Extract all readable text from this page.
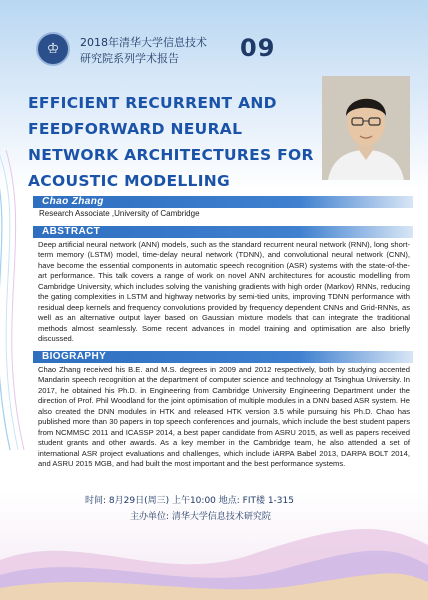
♔	2018年清华大学信息技术
研究院系列学术报告	09
EFFICIENT RECURRENT AND FEEDFORWARD NEURAL NETWORK ARCHITECTURES FOR ACOUSTIC MODELLING
Chao Zhang
Research Associate ,University of Cambridge
ABSTRACT
Deep artificial neural network (ANN) models, such as the standard recurrent neural network (RNN), long short-term memory (LSTM) model, time-delay neural network (TDNN), and convolutional neural network (CNN), have become the essential components in automatic speech recognition (ASR) systems with the state-of-the-art performance. This talk covers a range of work on novel ANN architectures for acoustic modelling from Cambridge University, which includes solving the vanishing gradients with high order (Markov) RNNs, reducing the gating complexities in LSTM and highway networks by semi-tied units, improving TDNN performance with residual deep kernels and frequency convolutions provided by frequency dependent CNNs and Grid-RNNs, as well as an alternative output layer based on Gaussian mixture models that can integrate the traditional methods almost seamlessly. Some recent advances in model training and optimisation are also briefly discussed.
BIOGRAPHY
Chao Zhang received his B.E. and M.S. degrees in 2009 and 2012 respectively, both by studying accented Mandarin speech recognition at the department of computer science and technology at Tsinghua University. In 2017, he obtained his Ph.D. in Engineering from Cambridge University Engineering Department under the direction of Prof. Phil Woodland for the joint optimisation of multiple modules in a DNN based ASR system. He also created the DNN modules in HTK and released HTK version 3.5 while pursuing his Ph.D. Chao has published more than 30 papers in top speech conferences and journals, which include the best student papers from NCMMSC 2011 and ICASSP 2014, a best paper candidate from ASRU 2015, as well as papers received student grants and other awards. As a key member in the Cambridge team, he also attended a set of international ASR project evaluations and challenges, which include iARPA Babel 2013, DARPA BOLT 2014, and ASRU 2015 MGB, and had built the most important and the best performance systems.
时间: 8月29日(周三) 上午10:00 地点: FIT楼 1-315
主办单位: 清华大学信息技术研究院
